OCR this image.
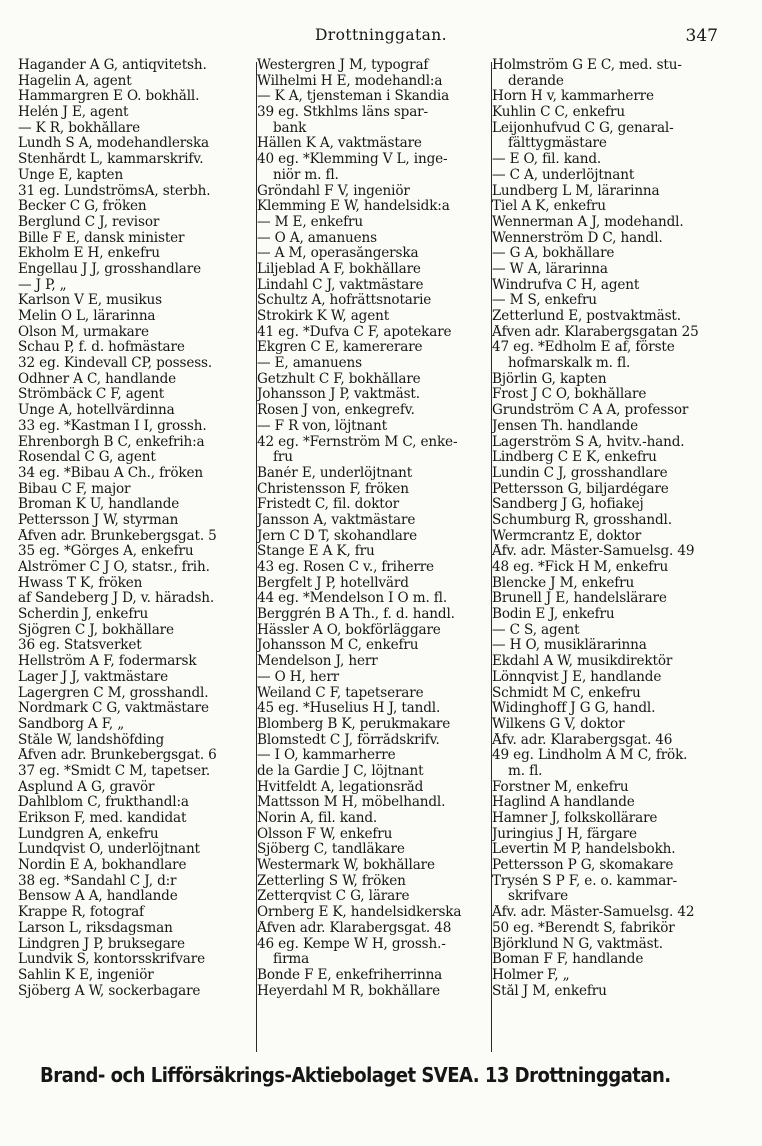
Drottninggatan.	347
Hagander A G, antiqvitetsh.
Hagelin A, agent
Hammargren E O. bokhåll.
Helén J E, agent
— K R, bokhållare
Lundh S A, modehandlerska
Stenhårdt L, kammarskrifv.
Unge E, kapten
31 eg. LundströmsA, sterbh.
Becker C G, fröken
Berglund C J, revisor
Bille F E, dansk minister
Ekholm E H, enkefru
Engellau J J, grosshandlare
— J P, „
Karlson V E, musikus
Melin O L, lärarinna
Olson M, urmakare
Schau P, f. d. hofmästare
32 eg. Kindevall CP, possess.
Odhner A C, handlande
Strömbäck C F, agent
Unge A, hotellvärdinna
33 eg. *Kastman I I, grossh.
Ehrenborgh B C, enkefrih:a
Rosendal C G, agent
34 eg. *Bibau A Ch., fröken
Bibau C F, major
Broman K U, handlande
Pettersson J W, styrman
Åfven adr. Brunkebergsgat. 5
35 eg. *Görges A, enkefru
Alströmer C J O, statsr., frih.
Hwass T K, fröken
af Sandeberg J D, v. häradsh.
Scherdin J, enkefru
Sjögren C J, bokhållare
36 eg. Statsverket
Hellström A F, fodermarsk
Lager J J, vaktmästare
Lagergren C M, grosshandl.
Nordmark C G, vaktmästare
Sandborg A F, „
Ståle W, landshöfding
Åfven adr. Brunkebergsgat. 6
37 eg. *Smidt C M, tapetser.
Asplund A G, gravör
Dahlblom C, frukthandl:a
Erikson F, med. kandidat
Lundgren A, enkefru
Lundqvist O, underlöjtnant
Nordin E A, bokhandlare
38 eg. *Sandahl C J, d:r
Bensow A A, handlande
Krappe R, fotograf
Larson L, riksdagsman
Lindgren J P, bruksegare
Lundvik S, kontorsskrifvare
Sahlin K E, ingeniör
Sjöberg A W, sockerbagare
Westergren J M, typograf
Wilhelmi H E, modehandl:a
— K A, tjensteman i Skandia
39 eg. Stkhlms läns spar-
bank
Hällen K A, vaktmästare
40 eg. *Klemming V L, inge-
niör m. fl.
Gröndahl F V, ingeniör
Klemming E W, handelsidk:a
— M E, enkefru
— O A, amanuens
— A M, operasångerska
Liljeblad A F, bokhållare
Lindahl C J, vaktmästare
Schultz A, hofrättsnotarie
Strokirk K W, agent
41 eg. *Dufva C F, apotekare
Ekgren C E, kamererare
— E, amanuens
Getzhult C F, bokhållare
Johansson J P, vaktmäst.
Rosen J von, enkegrefv.
— F R von, löjtnant
42 eg. *Fernström M C, enke-
fru
Banér E, underlöjtnant
Christensson F, fröken
Fristedt C, fil. doktor
Jansson A, vaktmästare
Jern C D T, skohandlare
Stange E A K, fru
43 eg. Rosen C v., friherre
Bergfelt J P, hotellvärd
44 eg. *Mendelson I O m. fl.
Berggrén B A Th., f. d. handl.
Hässler A O, bokförläggare
Johansson M C, enkefru
Mendelson J, herr
— O H, herr
Weiland C F, tapetserare
45 eg. *Huselius H J, tandl.
Blomberg B K, perukmakare
Blomstedt C J, förrådskrifv.
— I O, kammarherre
de la Gardie J C, löjtnant
Hvitfeldt A, legationsråd
Mattsson M H, möbelhandl.
Norin A, fil. kand.
Olsson F W, enkefru
Sjöberg C, tandläkare
Westermark W, bokhållare
Zetterling S W, fröken
Zetterqvist C G, lärare
Örnberg E K, handelsidkerska
Åfven adr. Klarabergsgat. 48
46 eg. Kempe W H, grossh.-
firma
Bonde F E, enkefriherrinna
Heyerdahl M R, bokhållare
Holmström G E C, med. stu-
derande
Horn H v, kammarherre
Kuhlin C C, enkefru
Leijonhufvud C G, genaral-
fälttygmästare
— E O, fil. kand.
— C A, underlöjtnant
Lundberg L M, lärarinna
Tiel A K, enkefru
Wennerman A J, modehandl.
Wennerström D C, handl.
— G A, bokhållare
— W A, lärarinna
Windrufva C H, agent
— M S, enkefru
Zetterlund E, postvaktmäst.
Åfven adr. Klarabergsgatan 25
47 eg. *Edholm E af, förste
hofmarskalk m. fl.
Björlin G, kapten
Frost J C O, bokhållare
Grundström C A A, professor
Jensen Th. handlande
Lagerström S A, hvitv.-hand.
Lindberg C E K, enkefru
Lundin C J, grosshandlare
Pettersson G, biljardégare
Sandberg J G, hofiakej
Schumburg R, grosshandl.
Wermcrantz E, doktor
Åfv. adr. Mäster-Samuelsg. 49
48 eg. *Fick H M, enkefru
Blencke J M, enkefru
Brunell J E, handelslärare
Bodin E J, enkefru
— C S, agent
— H O, musiklärarinna
Ekdahl A W, musikdirektör
Lönnqvist J E, handlande
Schmidt M C, enkefru
Widinghoff J G G, handl.
Wilkens G V, doktor
Åfv. adr. Klarabergsgat. 46
49 eg. Lindholm A M C, frök.
m. fl.
Forstner M, enkefru
Haglind A handlande
Hamner J, folkskollärare
Juringius J H, färgare
Levertin M P, handelsbokh.
Pettersson P G, skomakare
Trysén S P F, e. o. kammar-
skrifvare
Åfv. adr. Mäster-Samuelsg. 42
50 eg. *Berendt S, fabrikör
Björklund N G, vaktmäst.
Boman F F, handlande
Holmer F, „
Stål J M, enkefru
Brand- och Lifförsäkrings-Aktiebolaget SVEA. 13 Drottninggatan.
